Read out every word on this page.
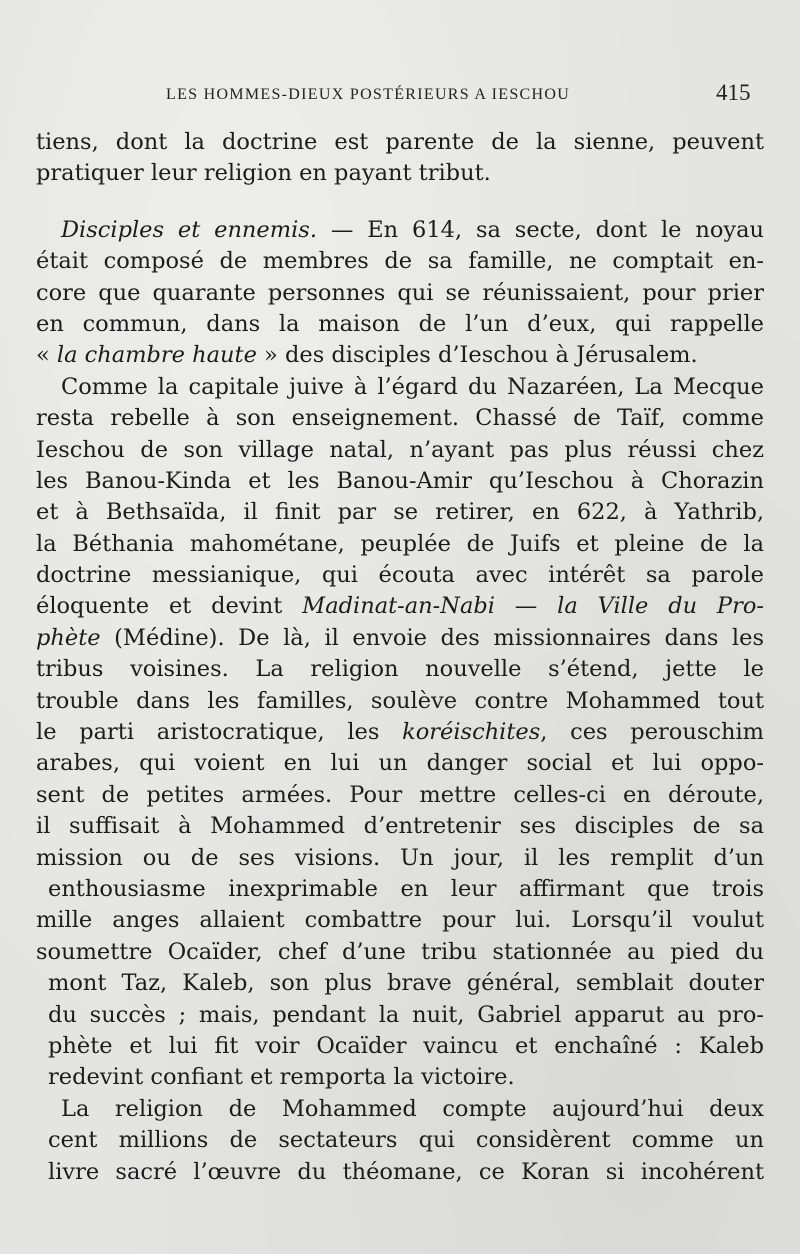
LES HOMMES-DIEUX POSTÉRIEURS A IESCHOU	415
tiens, dont la doctrine est parente de la sienne, peuvent
pratiquer leur religion en payant tribut.
Disciples et ennemis. — En 614, sa secte, dont le noyau
était composé de membres de sa famille, ne comptait en-
core que quarante personnes qui se réunissaient, pour prier
en commun, dans la maison de l’un d’eux, qui rappelle
« la chambre haute » des disciples d’Ieschou à Jérusalem.
Comme la capitale juive à l’égard du Nazaréen, La Mecque
resta rebelle à son enseignement. Chassé de Taïf, comme
Ieschou de son village natal, n’ayant pas plus réussi chez
les Banou-Kinda et les Banou-Amir qu’Ieschou à Chorazin
et à Bethsaïda, il finit par se retirer, en 622, à Yathrib,
la Béthania mahométane, peuplée de Juifs et pleine de la
doctrine messianique, qui écouta avec intérêt sa parole
éloquente et devint Madinat-an-Nabi — la Ville du Pro-
phète (Médine). De là, il envoie des missionnaires dans les
tribus voisines. La religion nouvelle s’étend, jette le
trouble dans les familles, soulève contre Mohammed tout
le parti aristocratique, les koréischites, ces perouschim
arabes, qui voient en lui un danger social et lui oppo-
sent de petites armées. Pour mettre celles-ci en déroute,
il suffisait à Mohammed d’entretenir ses disciples de sa
mission ou de ses visions. Un jour, il les remplit d’un
enthousiasme inexprimable en leur affirmant que trois
mille anges allaient combattre pour lui. Lorsqu’il voulut
soumettre Ocaïder, chef d’une tribu stationnée au pied du
mont Taz, Kaleb, son plus brave général, semblait douter
du succès ; mais, pendant la nuit, Gabriel apparut au pro-
phète et lui fit voir Ocaïder vaincu et enchaîné : Kaleb
redevint confiant et remporta la victoire.
La religion de Mohammed compte aujourd’hui deux
cent millions de sectateurs qui considèrent comme un
livre sacré l’œuvre du théomane, ce Koran si incohérent
